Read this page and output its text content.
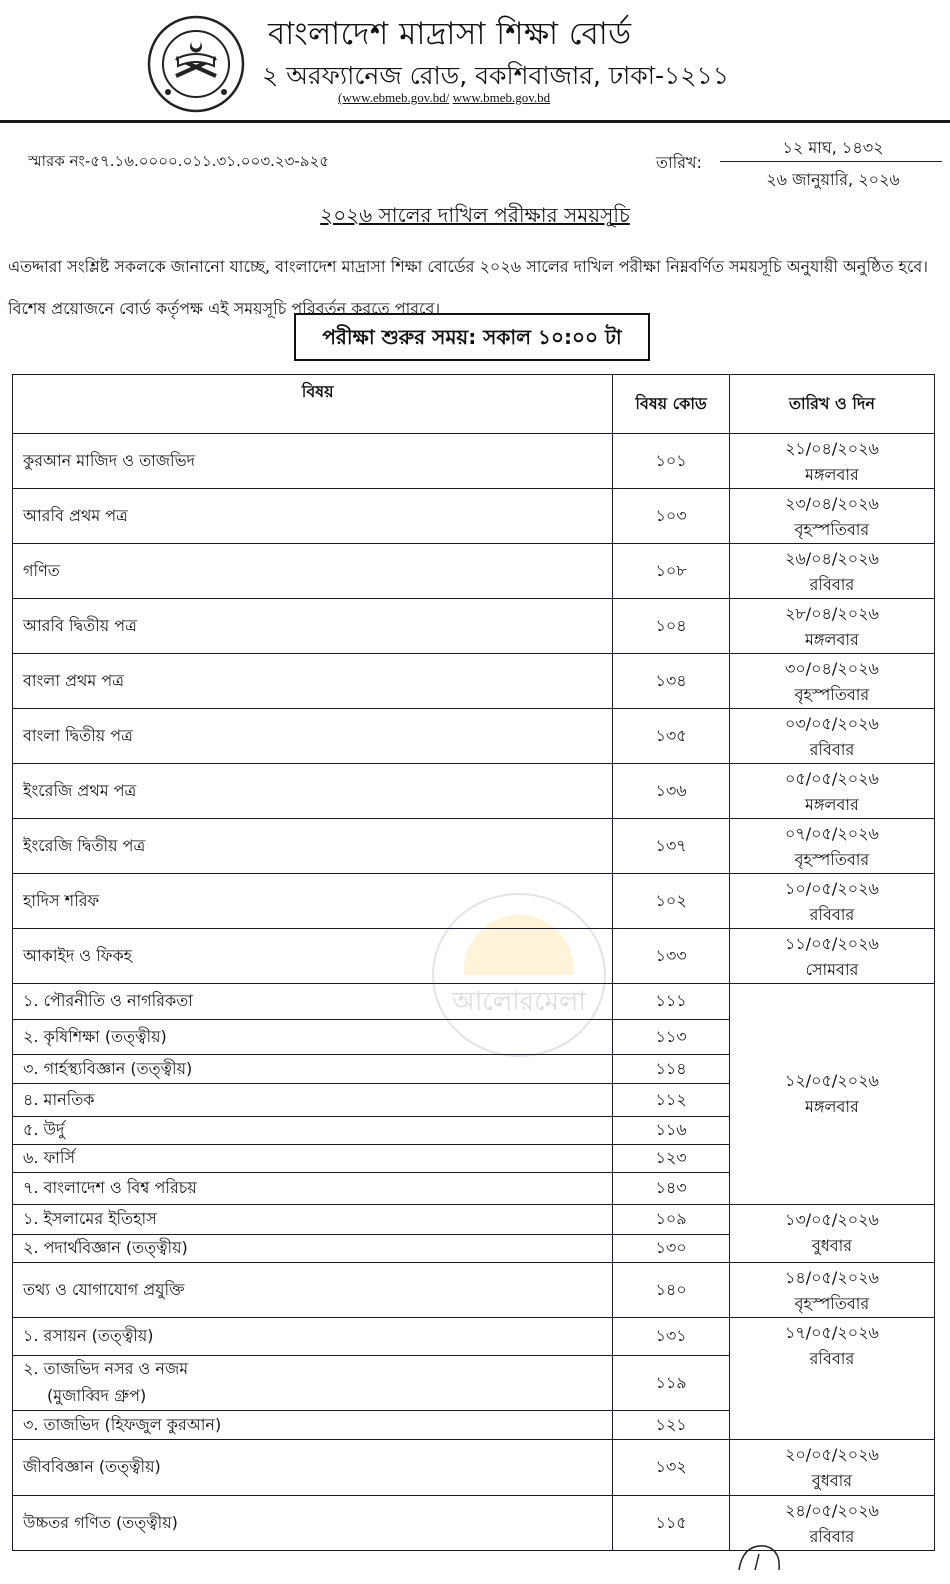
বাংলাদেশ মাদ্রাসা শিক্ষা বোর্ড
২ অরফ্যানেজ রোড, বকশিবাজার, ঢাকা-১২১১
(www.ebmeb.gov.bd/ www.bmeb.gov.bd
স্মারক নং-৫৭.১৬.০০০০.০১১.৩১.০০৩.২৩-৯২৫	তারিখ:
১২ মাঘ, ১৪৩২
২৬ জানুয়ারি, ২০২৬
২০২৬ সালের দাখিল পরীক্ষার সময়সূচি
এতদ্দারা সংশ্লিষ্ট সকলকে জানানো যাচ্ছে, বাংলাদেশ মাদ্রাসা শিক্ষা বোর্ডের ২০২৬ সালের দাখিল পরীক্ষা নিম্নবর্ণিত সময়সূচি অনুযায়ী অনুষ্ঠিত হবে। বিশেষ প্রয়োজনে বোর্ড কর্তৃপক্ষ এই সময়সূচি পরিবর্তন করতে পারবে।
পরীক্ষা শুরুর সময়: সকাল ১০:০০ টা
আলোরমেলা
বিষয়	বিষয় কোড	তারিখ ও দিন
কুরআন মাজিদ ও তাজভিদ	১০১	২১/০৪/২০২৬
মঙ্গলবার

আরবি প্রথম পত্র	১০৩	২৩/০৪/২০২৬
বৃহস্পতিবার

গণিত	১০৮	২৬/০৪/২০২৬
রবিবার

আরবি দ্বিতীয় পত্র	১০৪	২৮/০৪/২০২৬
মঙ্গলবার

বাংলা প্রথম পত্র	১৩৪	৩০/০৪/২০২৬
বৃহস্পতিবার

বাংলা দ্বিতীয় পত্র	১৩৫	০৩/০৫/২০২৬
রবিবার

ইংরেজি প্রথম পত্র	১৩৬	০৫/০৫/২০২৬
মঙ্গলবার

ইংরেজি দ্বিতীয় পত্র	১৩৭	০৭/০৫/২০২৬
বৃহস্পতিবার

হাদিস শরিফ	১০২	১০/০৫/২০২৬
রবিবার

আকাইদ ও ফিকহ	১৩৩	১১/০৫/২০২৬
সোমবার

১. পৌরনীতি ও নাগরিকতা	১১১	১২/০৫/২০২৬
মঙ্গলবার

২. কৃষিশিক্ষা (তত্ত্বীয়)	১১৩	
৩. গার্হস্থ্যবিজ্ঞান (তত্ত্বীয়)	১১৪	
৪. মানতিক	১১২	
৫. উর্দু	১১৬	
৬. ফার্সি	১২৩	
৭. বাংলাদেশ ও বিশ্ব পরিচয়	১৪৩	
১. ইসলামের ইতিহাস	১০৯	১৩/০৫/২০২৬
বুধবার

২. পদার্থবিজ্ঞান (তত্ত্বীয়)	১৩০	
তথ্য ও যোগাযোগ প্রযুক্তি	১৪০	১৪/০৫/২০২৬
বৃহস্পতিবার

১. রসায়ন (তত্ত্বীয়)	১৩১	১৭/০৫/২০২৬
রবিবার

২. তাজভিদ নসর ও নজম
(মুজাব্বিদ গ্রুপ)	১১৯	
৩. তাজভিদ (হিফজুল কুরআন)	১২১	
জীববিজ্ঞান (তত্ত্বীয়)	১৩২	২০/০৫/২০২৬
বুধবার

উচ্চতর গণিত (তত্ত্বীয়)	১১৫	২৪/০৫/২০২৬
রবিবার
